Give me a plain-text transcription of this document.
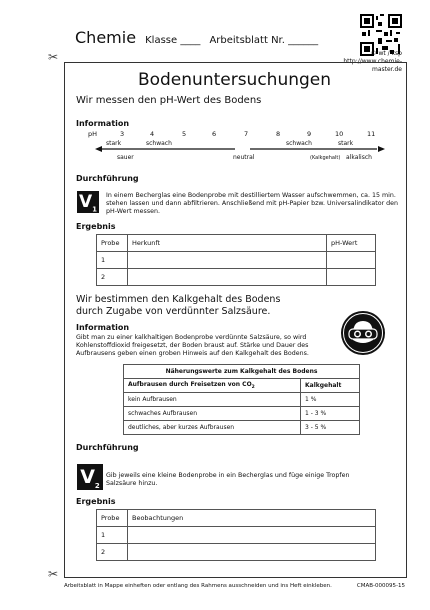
Chemie Klasse ____ Arbeitsblatt Nr. ______
© wt / ksp
http://www.chemie-master.de
✂
✂
Bodenuntersuchungen
Wir messen den pH-Wert des Bodens
Information
pH	3	4	5	6	7	8	9	10	11
stark	schwach	schwach	stark
sauer	neutral	(Kalkgehalt) alkalisch
Durchführung
$V_1$
In einem Becherglas eine Bodenprobe mit destilliertem Wasser aufschwemmen, ca. 15 min. stehen lassen und dann abfiltrieren. Anschließend mit pH-Papier bzw. Universalindikator den pH-Wert messen.
Ergebnis
Probe	Herkunft	pH-Wert
1		
2		
Wir bestimmen den Kalkgehalt des Bodens
durch Zugabe von verdünnter Salzsäure.
Information
Gibt man zu einer kalkhaltigen Bodenprobe verdünnte Salzsäure, so wird Kohlenstoffdioxid freigesetzt, der Boden braust auf. Stärke und Dauer des Aufbrausens geben einen groben Hinweis auf den Kalkgehalt des Bodens.
Näherungswerte zum Kalkgehalt des Bodens	
Aufbrausen durch Freisetzen von $CO_2$	Kalkgehalt
kein Aufbrausen	1 %
schwaches Aufbrausen	1 - 3 %
deutliches, aber kurzes Aufbrausen	3 - 5 %
Durchführung
$V_2$
Gib jeweils eine kleine Bodenprobe in ein Becherglas und füge einige Tropfen Salzsäure hinzu.
Ergebnis
Probe	Beobachtungen
1	
2	
Arbeitsblatt in Mappe einheften oder entlang des Rahmens ausschneiden und ins Heft einkleben.	CMAB-000095-15
